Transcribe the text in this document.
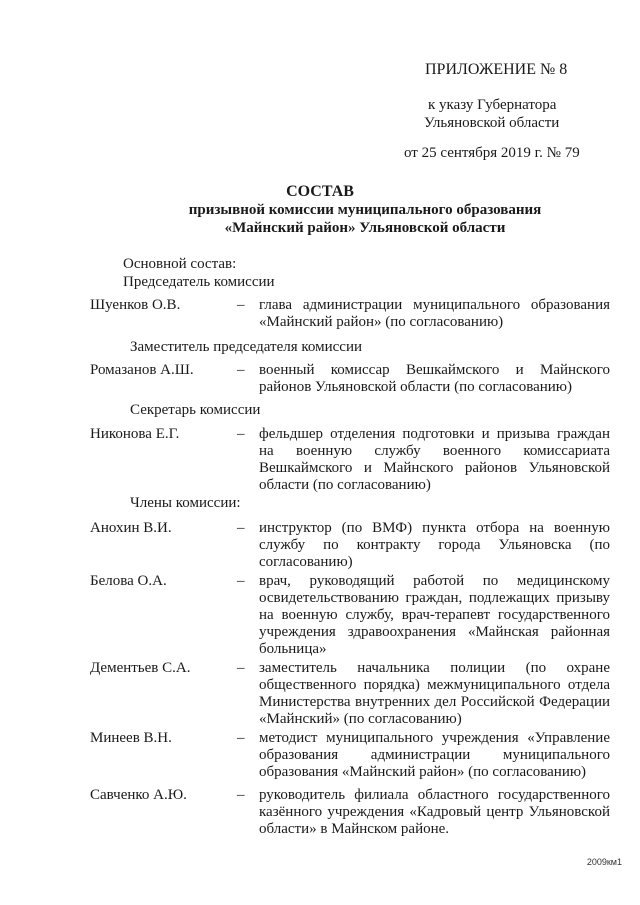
ПРИЛОЖЕНИЕ № 8

к указу Губернатора

Ульяновской области

от 25 сентября 2019 г. № 79

СОСТАВ

призывной комиссии муниципального образования

«Майнский район» Ульяновской области

Основной состав:

Председатель комиссии

Шуенков О.В.	– глава администрации муниципального образования «Майнский район» (по согласованию)

Заместитель председателя комиссии

Ромазанов А.Ш.	– военный комиссар Вешкаймского и Майнского районов Ульяновской области (по согласованию)

Секретарь комиссии

Никонова Е.Г.	– фельдшер отделения подготовки и призыва граждан на военную службу военного комиссариата Вешкаймского и Майнского районов Ульяновской области (по согласованию)

Члены комиссии:

Анохин В.И.	– инструктор (по ВМФ) пункта отбора на военную службу по контракту города Ульяновска (по согласованию)
Белова О.А.	– врач, руководящий работой по медицинскому освидетельствованию граждан, подлежащих призыву на военную службу, врач-терапевт государственного учреждения здравоохранения «Майнская районная больница»
Дементьев С.А.	– заместитель начальника полиции (по охране общественного порядка) межмуниципального отдела Министерства внутренних дел Российской Федерации «Майнский» (по согласованию)
Минеев В.Н.	– методист муниципального учреждения «Управление образования администрации муниципального образования «Майнский район» (по согласованию)
Савченко А.Ю.	– руководитель филиала областного государственного казённого учреждения «Кадровый центр Ульяновской области» в Майнском районе.
2009км1
